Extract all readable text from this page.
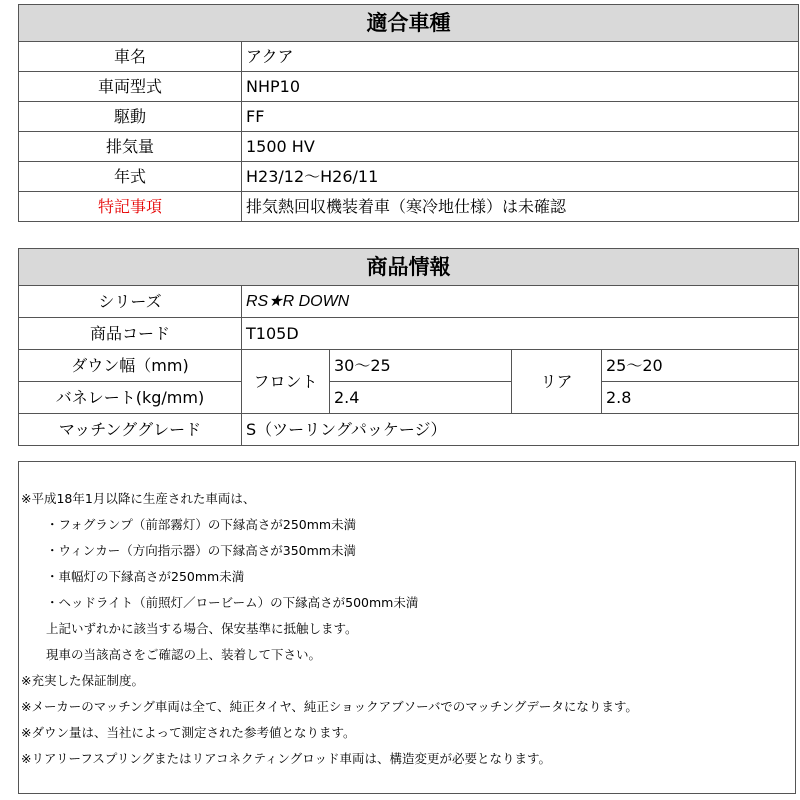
適合車種	
車名	アクア
車両型式	NHP10
駆動	FF
排気量	1500 HV
年式	H23/12～H26/11
特記事項	排気熱回収機装着車（寒冷地仕様）は未確認
商品情報				
シリーズ	RS★R DOWN			
商品コード	T105D			
ダウン幅（mm)	フロント	30～25	リア	25～20
バネレート(kg/mm)		2.4		2.8
マッチンググレード	S（ツーリングパッケージ）			
※平成18年1月以降に生産された車両は、
　　・フォグランプ（前部霧灯）の下縁高さが250mm未満
　　・ウィンカー（方向指示器）の下縁高さが350mm未満
　　・車幅灯の下縁高さが250mm未満
　　・ヘッドライト（前照灯／ロービーム）の下縁高さが500mm未満
　　上記いずれかに該当する場合、保安基準に抵触します。
　　現車の当該高さをご確認の上、装着して下さい。
※充実した保証制度。
※メーカーのマッチング車両は全て、純正タイヤ、純正ショックアブソーバでのマッチングデータになります。
※ダウン量は、当社によって測定された参考値となります。
※リアリーフスプリングまたはリアコネクティングロッド車両は、構造変更が必要となります。
